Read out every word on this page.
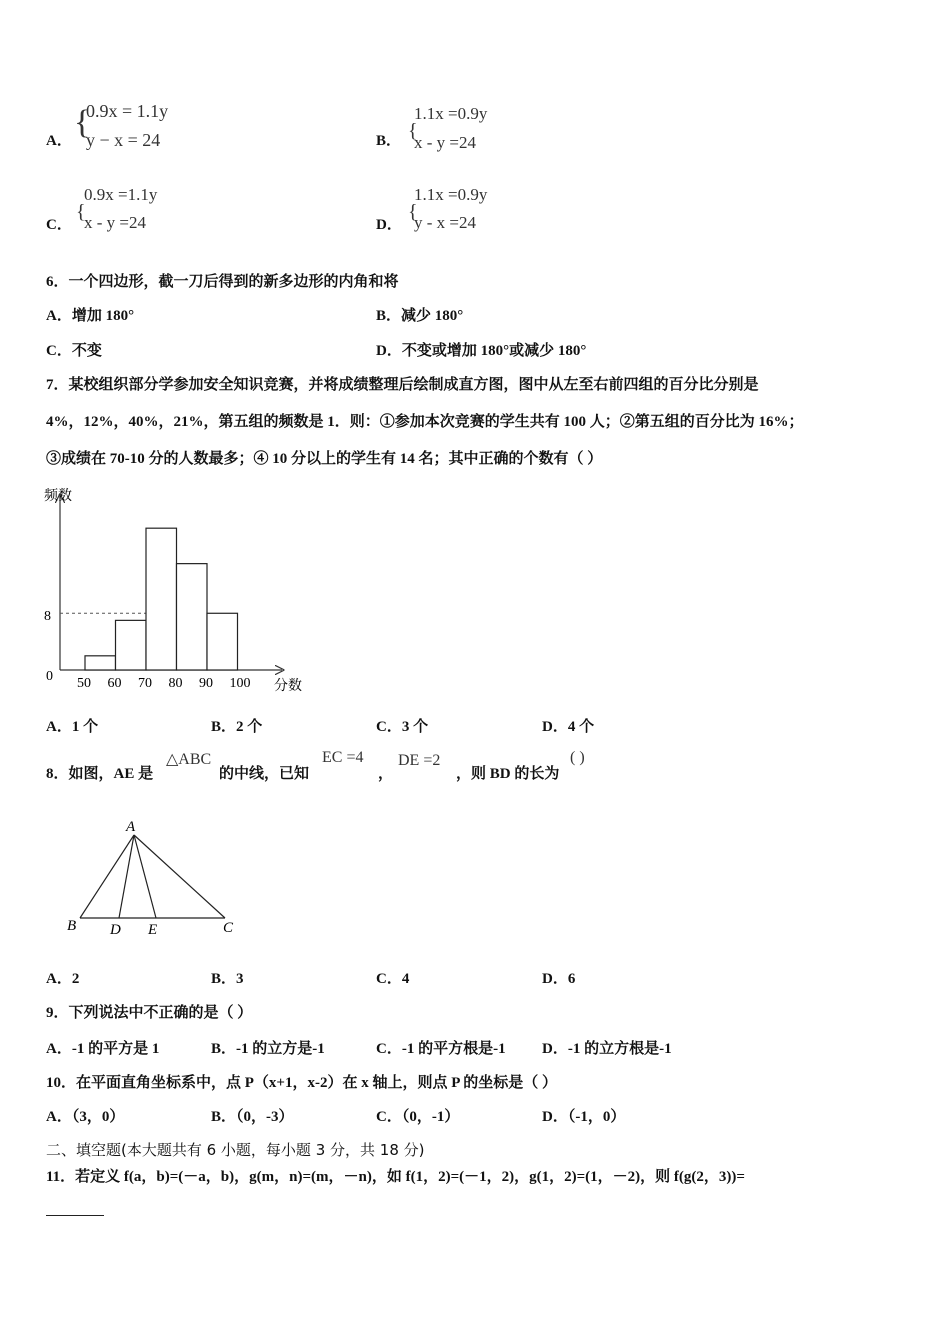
A． {
0.9x = 1.1y
y − x = 24	B． {
1.1x =0.9y
x - y =24
C．
{
0.9x =1.1y
x - y =24	D．
{
1.1x =0.9y
y - x =24
6．一个四边形，截一刀后得到的新多边形的内角和将
A．增加 180°	B．减少 180°
C．不变	D．不变或增加 180°或减少 180°
7．某校组织部分学参加安全知识竞赛，并将成绩整理后绘制成直方图，图中从左至右前四组的百分比分别是
4%，12%，40%，21%，第五组的频数是 1．则：①参加本次竞赛的学生共有 100 人；②第五组的百分比为 16%；
③成绩在 70-10 分的人数最多；④ 10 分以上的学生有 14 名；其中正确的个数有（ ）
频数
分数
0
8
50 60 70 80 90 100
A．1 个	B．2 个	C．3 个	D．4 个
8．如图，AE 是
△ABC
的中线，已知
EC =4
，
DE =2
，则 BD 的长为
( )
A
B D E	C
A．2	B．3	C．4	D．6
9．下列说法中不正确的是（ ）
A．-1 的平方是 1	B．-1 的立方是-1	C．-1 的平方根是-1 D．-1 的立方根是-1
10．在平面直角坐标系中，点 P（x+1，x-2）在 x 轴上，则点 P 的坐标是（ ）
A．（3，0）	B．（0，-3）	C．（0，-1）	D．（-1，0）
二、填空题(本大题共有 6 小题，每小题 3 分，共 18 分)
11．若定义 f(a，b)=(－a，b)，g(m，n)=(m，－n)，如 f(1，2)=(－1，2)，g(1，2)=(1，－2)，则 f(g(2，3))=
